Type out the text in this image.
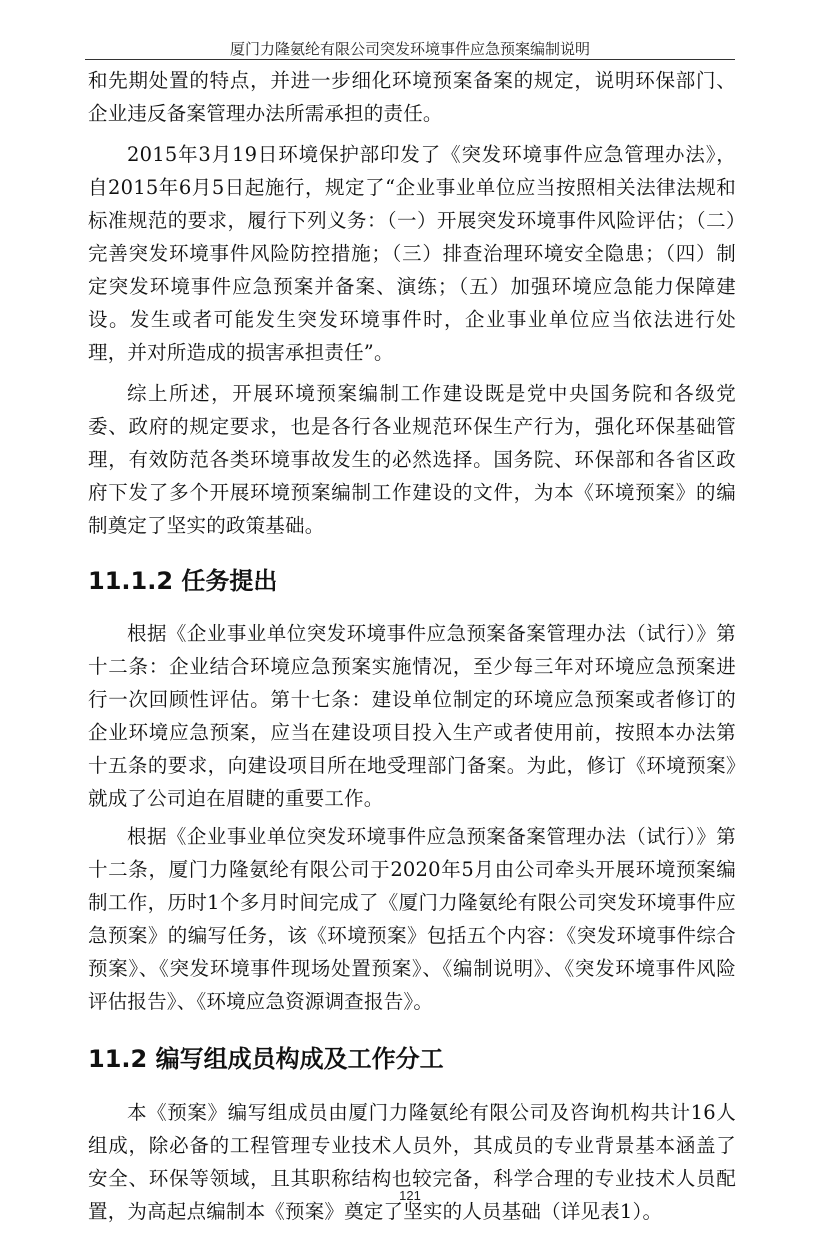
厦门力隆氨纶有限公司突发环境事件应急预案编制说明

和先期处置的特点，并进一步细化环境预案备案的规定，说明环保部门、企业违反备案管理办法所需承担的责任。

2015年3月19日环境保护部印发了《突发环境事件应急管理办法》，自2015年6月5日起施行，规定了“企业事业单位应当按照相关法律法规和标准规范的要求，履行下列义务：（一）开展突发环境事件风险评估；（二）完善突发环境事件风险防控措施；（三）排查治理环境安全隐患；（四）制定突发环境事件应急预案并备案、演练；（五）加强环境应急能力保障建设。发生或者可能发生突发环境事件时，企业事业单位应当依法进行处理，并对所造成的损害承担责任”。

综上所述，开展环境预案编制工作建设既是党中央国务院和各级党委、政府的规定要求，也是各行各业规范环保生产行为，强化环保基础管理，有效防范各类环境事故发生的必然选择。国务院、环保部和各省区政府下发了多个开展环境预案编制工作建设的文件，为本《环境预案》的编制奠定了坚实的政策基础。

11.1.2 任务提出

根据《企业事业单位突发环境事件应急预案备案管理办法（试行）》第十二条：企业结合环境应急预案实施情况，至少每三年对环境应急预案进行一次回顾性评估。第十七条：建设单位制定的环境应急预案或者修订的企业环境应急预案，应当在建设项目投入生产或者使用前，按照本办法第十五条的要求，向建设项目所在地受理部门备案。为此，修订《环境预案》就成了公司迫在眉睫的重要工作。

根据《企业事业单位突发环境事件应急预案备案管理办法（试行）》第十二条，厦门力隆氨纶有限公司于2020年5月由公司牵头开展环境预案编制工作，历时1个多月时间完成了《厦门力隆氨纶有限公司突发环境事件应急预案》的编写任务，该《环境预案》包括五个内容：《突发环境事件综合预案》、《突发环境事件现场处置预案》、《编制说明》、《突发环境事件风险评估报告》、《环境应急资源调查报告》。

11.2 编写组成员构成及工作分工

本《预案》编写组成员由厦门力隆氨纶有限公司及咨询机构共计16人组成，除必备的工程管理专业技术人员外，其成员的专业背景基本涵盖了安全、环保等领域，且其职称结构也较完备，科学合理的专业技术人员配置，为高起点编制本《预案》奠定了坚实的人员基础（详见表1）。

121
